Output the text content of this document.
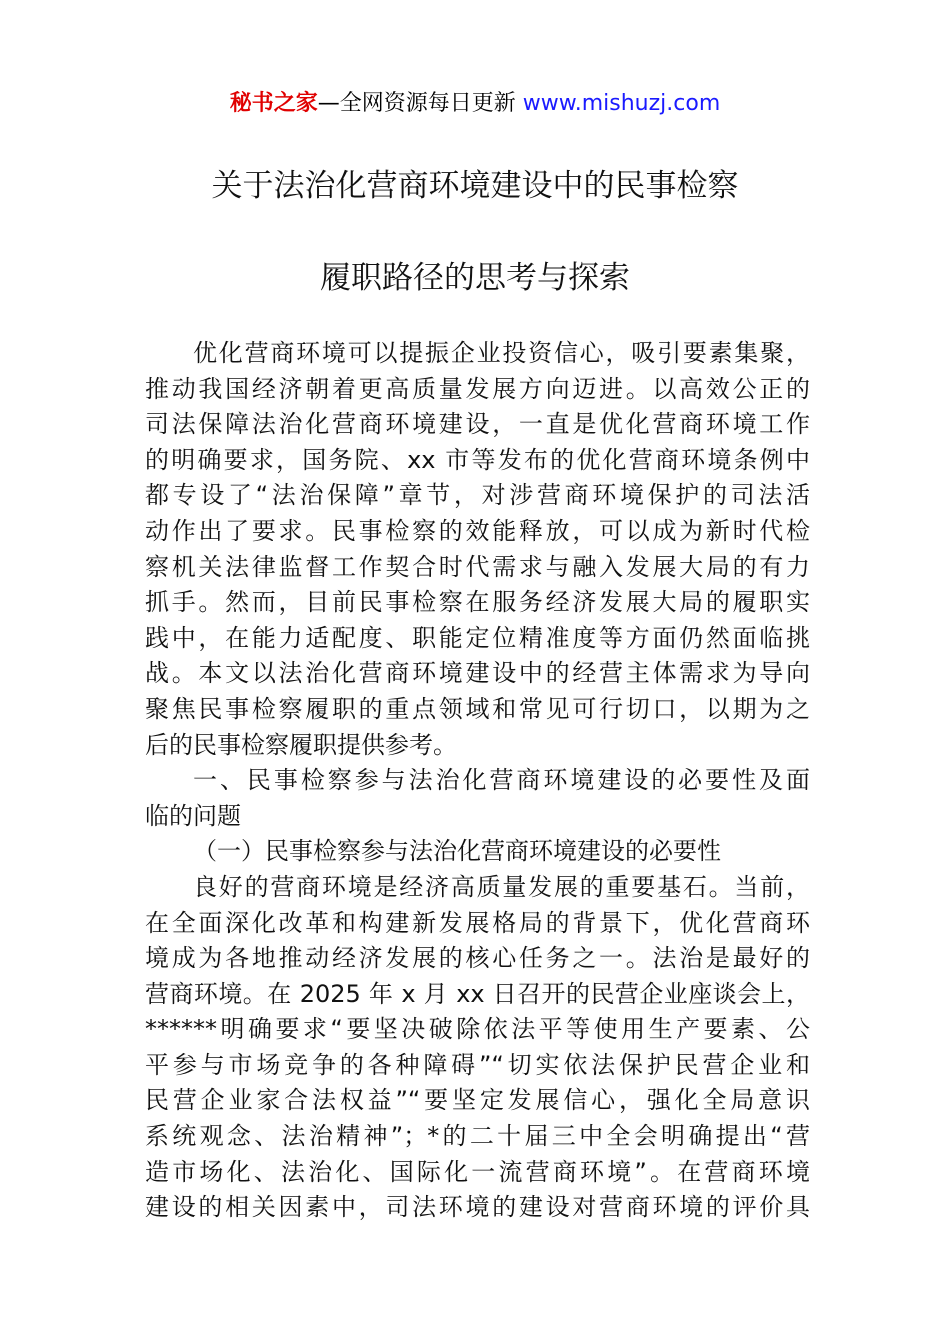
秘书之家—全网资源每日更新 www.mishuzj.com
关于法治化营商环境建设中的民事检察
履职路径的思考与探索
优化营商环境可以提振企业投资信心，吸引要素集聚，
推动我国经济朝着更高质量发展方向迈进。以高效公正的
司法保障法治化营商环境建设，一直是优化营商环境工作
的明确要求，国务院、xx 市等发布的优化营商环境条例中
都专设了“法治保障”章节，对涉营商环境保护的司法活
动作出了要求。民事检察的效能释放，可以成为新时代检
察机关法律监督工作契合时代需求与融入发展大局的有力
抓手。然而，目前民事检察在服务经济发展大局的履职实
践中，在能力适配度、职能定位精准度等方面仍然面临挑
战。本文以法治化营商环境建设中的经营主体需求为导向
聚焦民事检察履职的重点领域和常见可行切口，以期为之
后的民事检察履职提供参考。
一、民事检察参与法治化营商环境建设的必要性及面
临的问题
（一）民事检察参与法治化营商环境建设的必要性
良好的营商环境是经济高质量发展的重要基石。当前，
在全面深化改革和构建新发展格局的背景下，优化营商环
境成为各地推动经济发展的核心任务之一。法治是最好的
营商环境。在 2025 年 x 月 xx 日召开的民营企业座谈会上，
******明确要求“要坚决破除依法平等使用生产要素、公
平参与市场竞争的各种障碍”“切实依法保护民营企业和
民营企业家合法权益”“要坚定发展信心，强化全局意识
系统观念、法治精神”；*的二十届三中全会明确提出“营
造市场化、法治化、国际化一流营商环境”。在营商环境
建设的相关因素中，司法环境的建设对营商环境的评价具
